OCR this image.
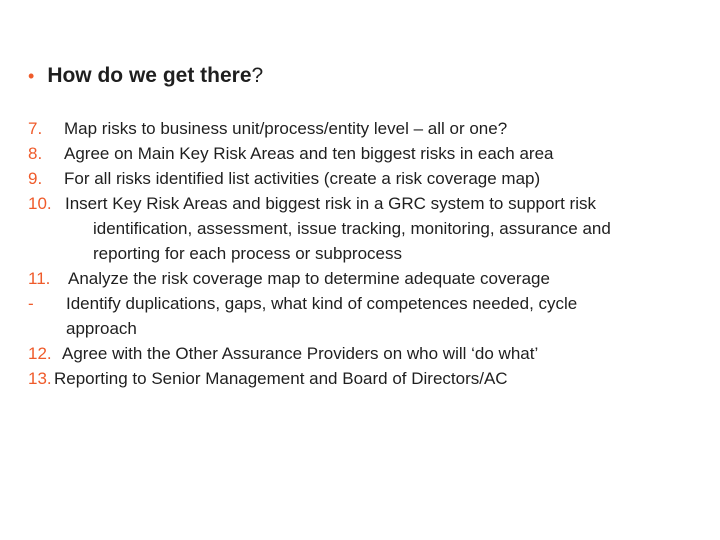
• How do we get there ?
7.	Map risks to business unit/process/entity level – all or one?
8.	Agree on Main Key Risk Areas and ten biggest risks in each area
9.	For all risks identified list activities (create a risk coverage map)
10. Insert Key Risk Areas and biggest risk in a GRC system to support risk
identification, assessment, issue tracking, monitoring, assurance and
reporting for each process or subprocess
11.	Analyze the risk coverage map to determine adequate coverage
-	Identify duplications, gaps, what kind of competences needed, cycle
approach
12. Agree with the Other Assurance Providers on who will ‘do what’
13. Reporting to Senior Management and Board of Directors/AC
